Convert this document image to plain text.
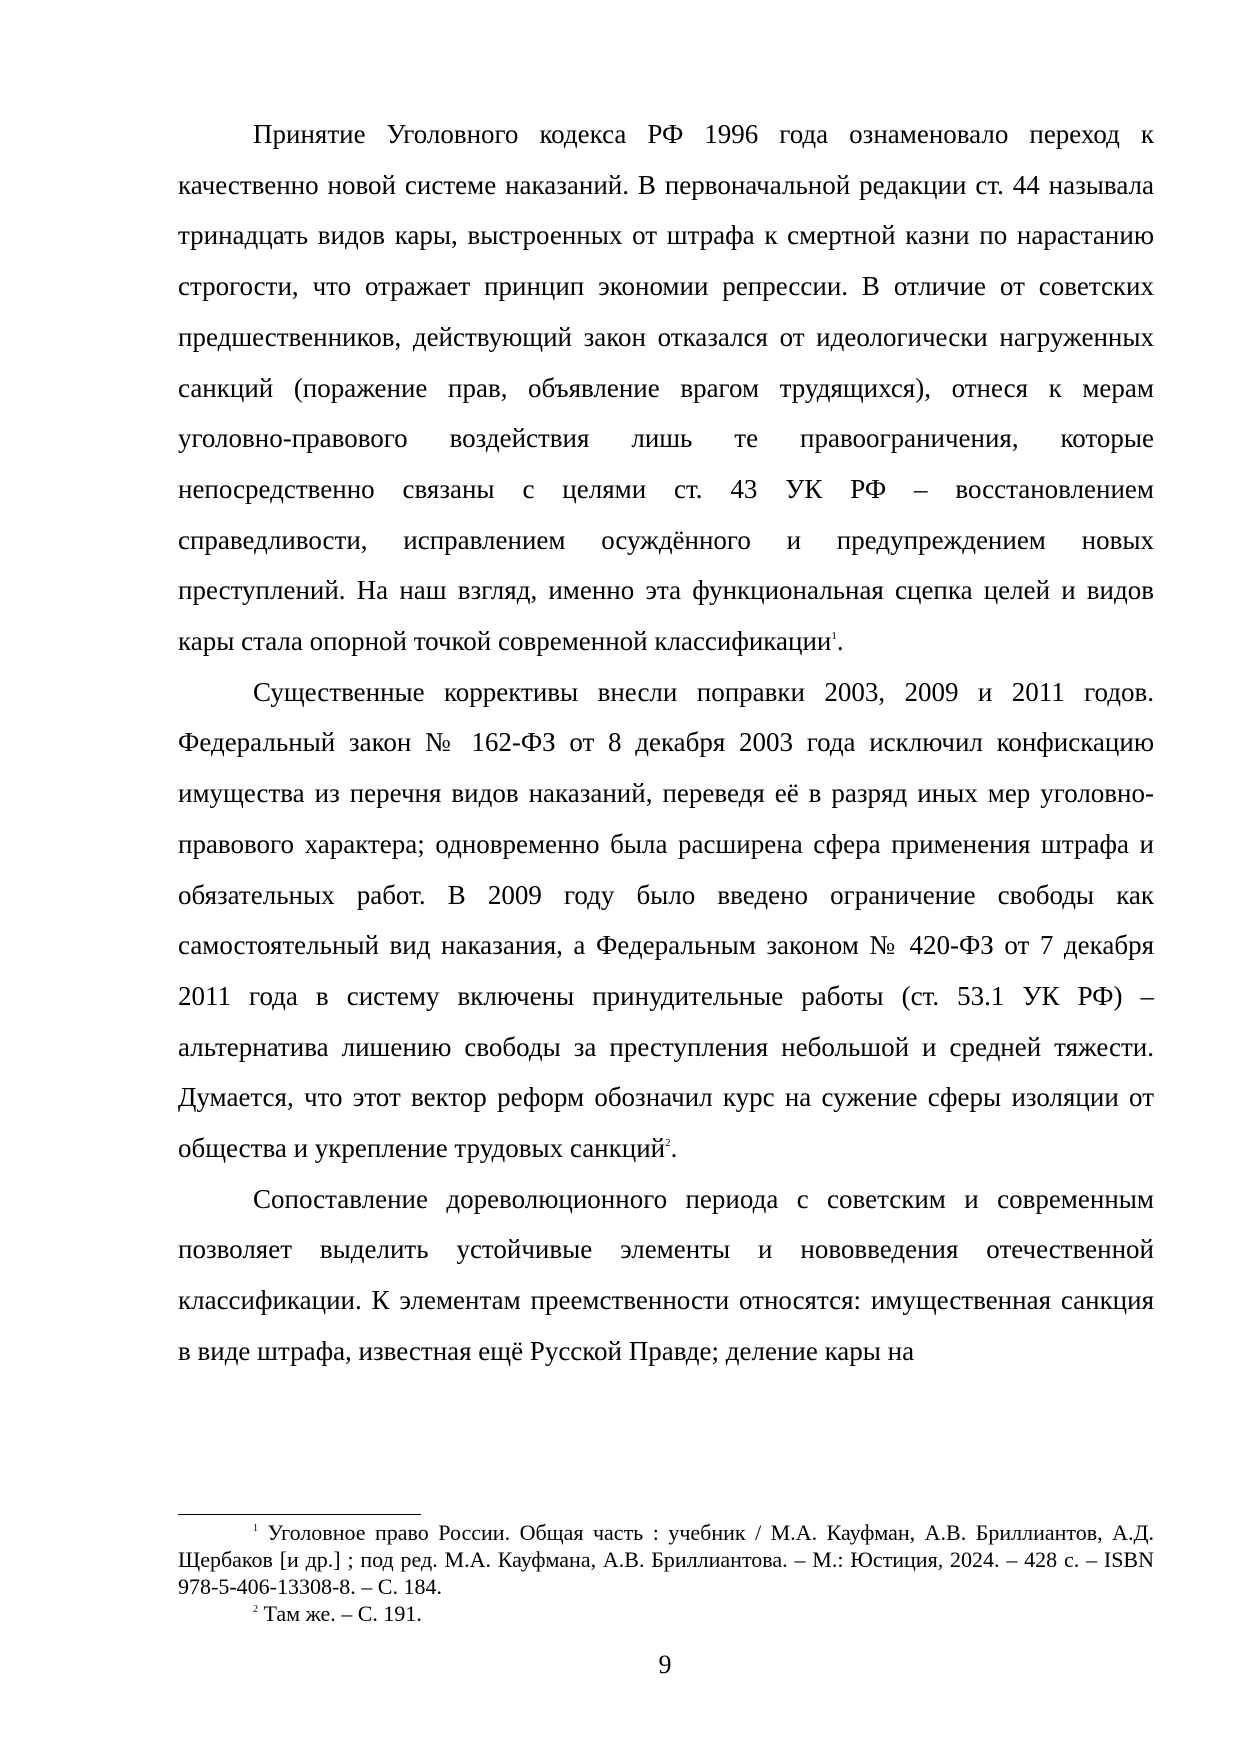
Принятие Уголовного кодекса РФ 1996 года ознаменовало переход к качественно новой системе наказаний. В первоначальной редакции ст. 44 называла тринадцать видов кары, выстроенных от штрафа к смертной казни по нарастанию строгости, что отражает принцип экономии репрессии. В отличие от советских предшественников, действующий закон отказался от идеологически нагруженных санкций (поражение прав, объявление врагом трудящихся), отнеся к мерам уголовно-правового воздействия лишь те правоограничения, которые непосредственно связаны с целями ст. 43 УК РФ – восстановлением справедливости, исправлением осуждённого и предупреждением новых преступлений. На наш взгляд, именно эта функциональная сцепка целей и видов кары стала опорной точкой современной классификации$^1$.

Существенные коррективы внесли поправки 2003, 2009 и 2011 годов. Федеральный закон № 162-ФЗ от 8 декабря 2003 года исключил конфискацию имущества из перечня видов наказаний, переведя её в разряд иных мер уголовно-правового характера; одновременно была расширена сфера применения штрафа и обязательных работ. В 2009 году было введено ограничение свободы как самостоятельный вид наказания, а Федеральным законом № 420-ФЗ от 7 декабря 2011 года в систему включены принудительные работы (ст. 53.1 УК РФ) – альтернатива лишению свободы за преступления небольшой и средней тяжести. Думается, что этот вектор реформ обозначил курс на сужение сферы изоляции от общества и укрепление трудовых санкций$^2$.

Сопоставление дореволюционного периода с советским и современным позволяет выделить устойчивые элементы и нововведения отечественной классификации. К элементам преемственности относятся: имущественная санкция в виде штрафа, известная ещё Русской Правде; деление кары на

$^1$ Уголовное право России. Общая часть : учебник / М.А. Кауфман, А.В. Бриллиантов, А.Д. Щербаков [и др.] ; под ред. М.А. Кауфмана, А.В. Бриллиантова. – М.: Юстиция, 2024. – 428 с. – ISBN 978-5-406-13308-8. – С. 184.

$^2$ Там же. – С. 191.

9
